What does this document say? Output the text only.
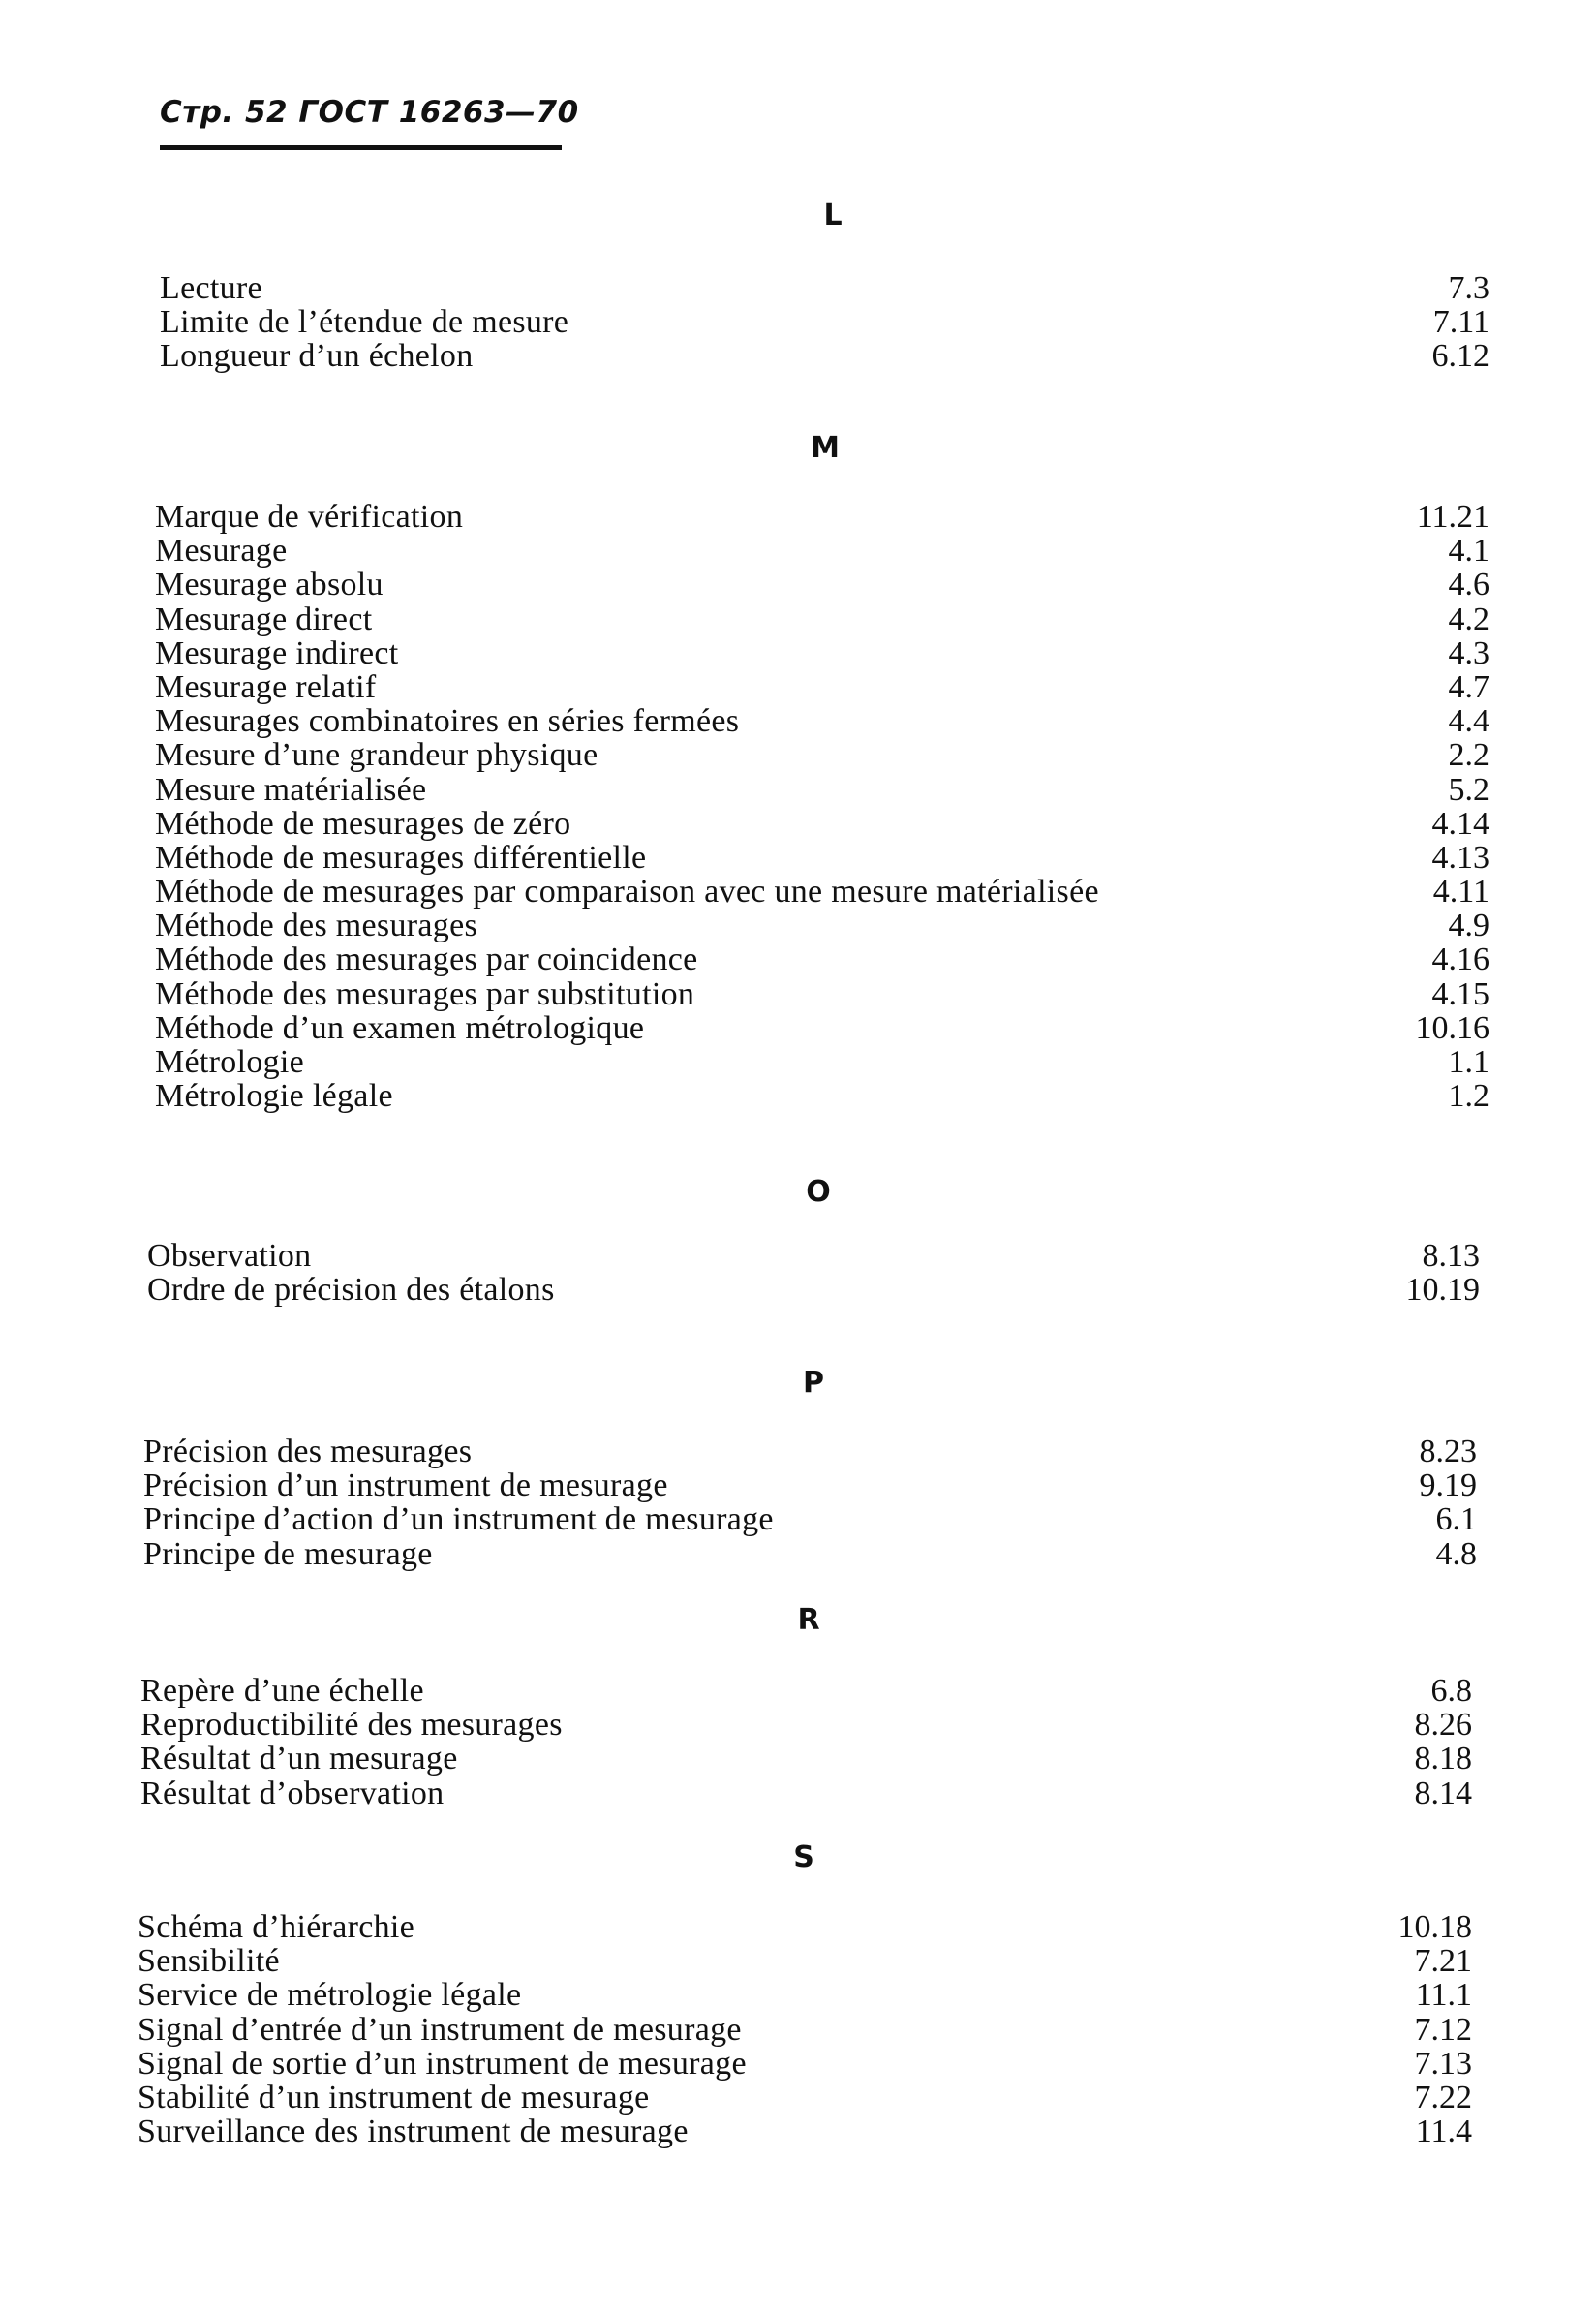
Стр. 52 ГОСТ 16263—70
L
Lecture	7.3
Limite de l’étendue de mesure	7.11
Longueur d’un échelon	6.12
M
Marque de vérification	11.21
Mesurage	4.1
Mesurage absolu	4.6
Mesurage direct	4.2
Mesurage indirect	4.3
Mesurage relatif	4.7
Mesurages combinatoires en séries fermées	4.4
Mesure d’une grandeur physique	2.2
Mesure matérialisée	5.2
Méthode de mesurages de zéro	4.14
Méthode de mesurages différentielle	4.13
Méthode de mesurages par comparaison avec une mesure matérialisée	4.11
Méthode des mesurages	4.9
Méthode des mesurages par coincidence	4.16
Méthode des mesurages par substitution	4.15
Méthode d’un examen métrologique	10.16
Métrologie	1.1
Métrologie légale	1.2
O
Observation	8.13
Ordre de précision des étalons	10.19
P
Précision des mesurages	8.23
Précision d’un instrument de mesurage	9.19
Principe d’action d’un instrument de mesurage	6.1
Principe de mesurage	4.8
R
Repère d’une échelle	6.8
Reproductibilité des mesurages	8.26
Résultat d’un mesurage	8.18
Résultat d’observation	8.14
S
Schéma d’hiérarchie	10.18
Sensibilité	7.21
Service de métrologie légale	11.1
Signal d’entrée d’un instrument de mesurage	7.12
Signal de sortie d’un instrument de mesurage	7.13
Stabilité d’un instrument de mesurage	7.22
Surveillance des instrument de mesurage	11.4
